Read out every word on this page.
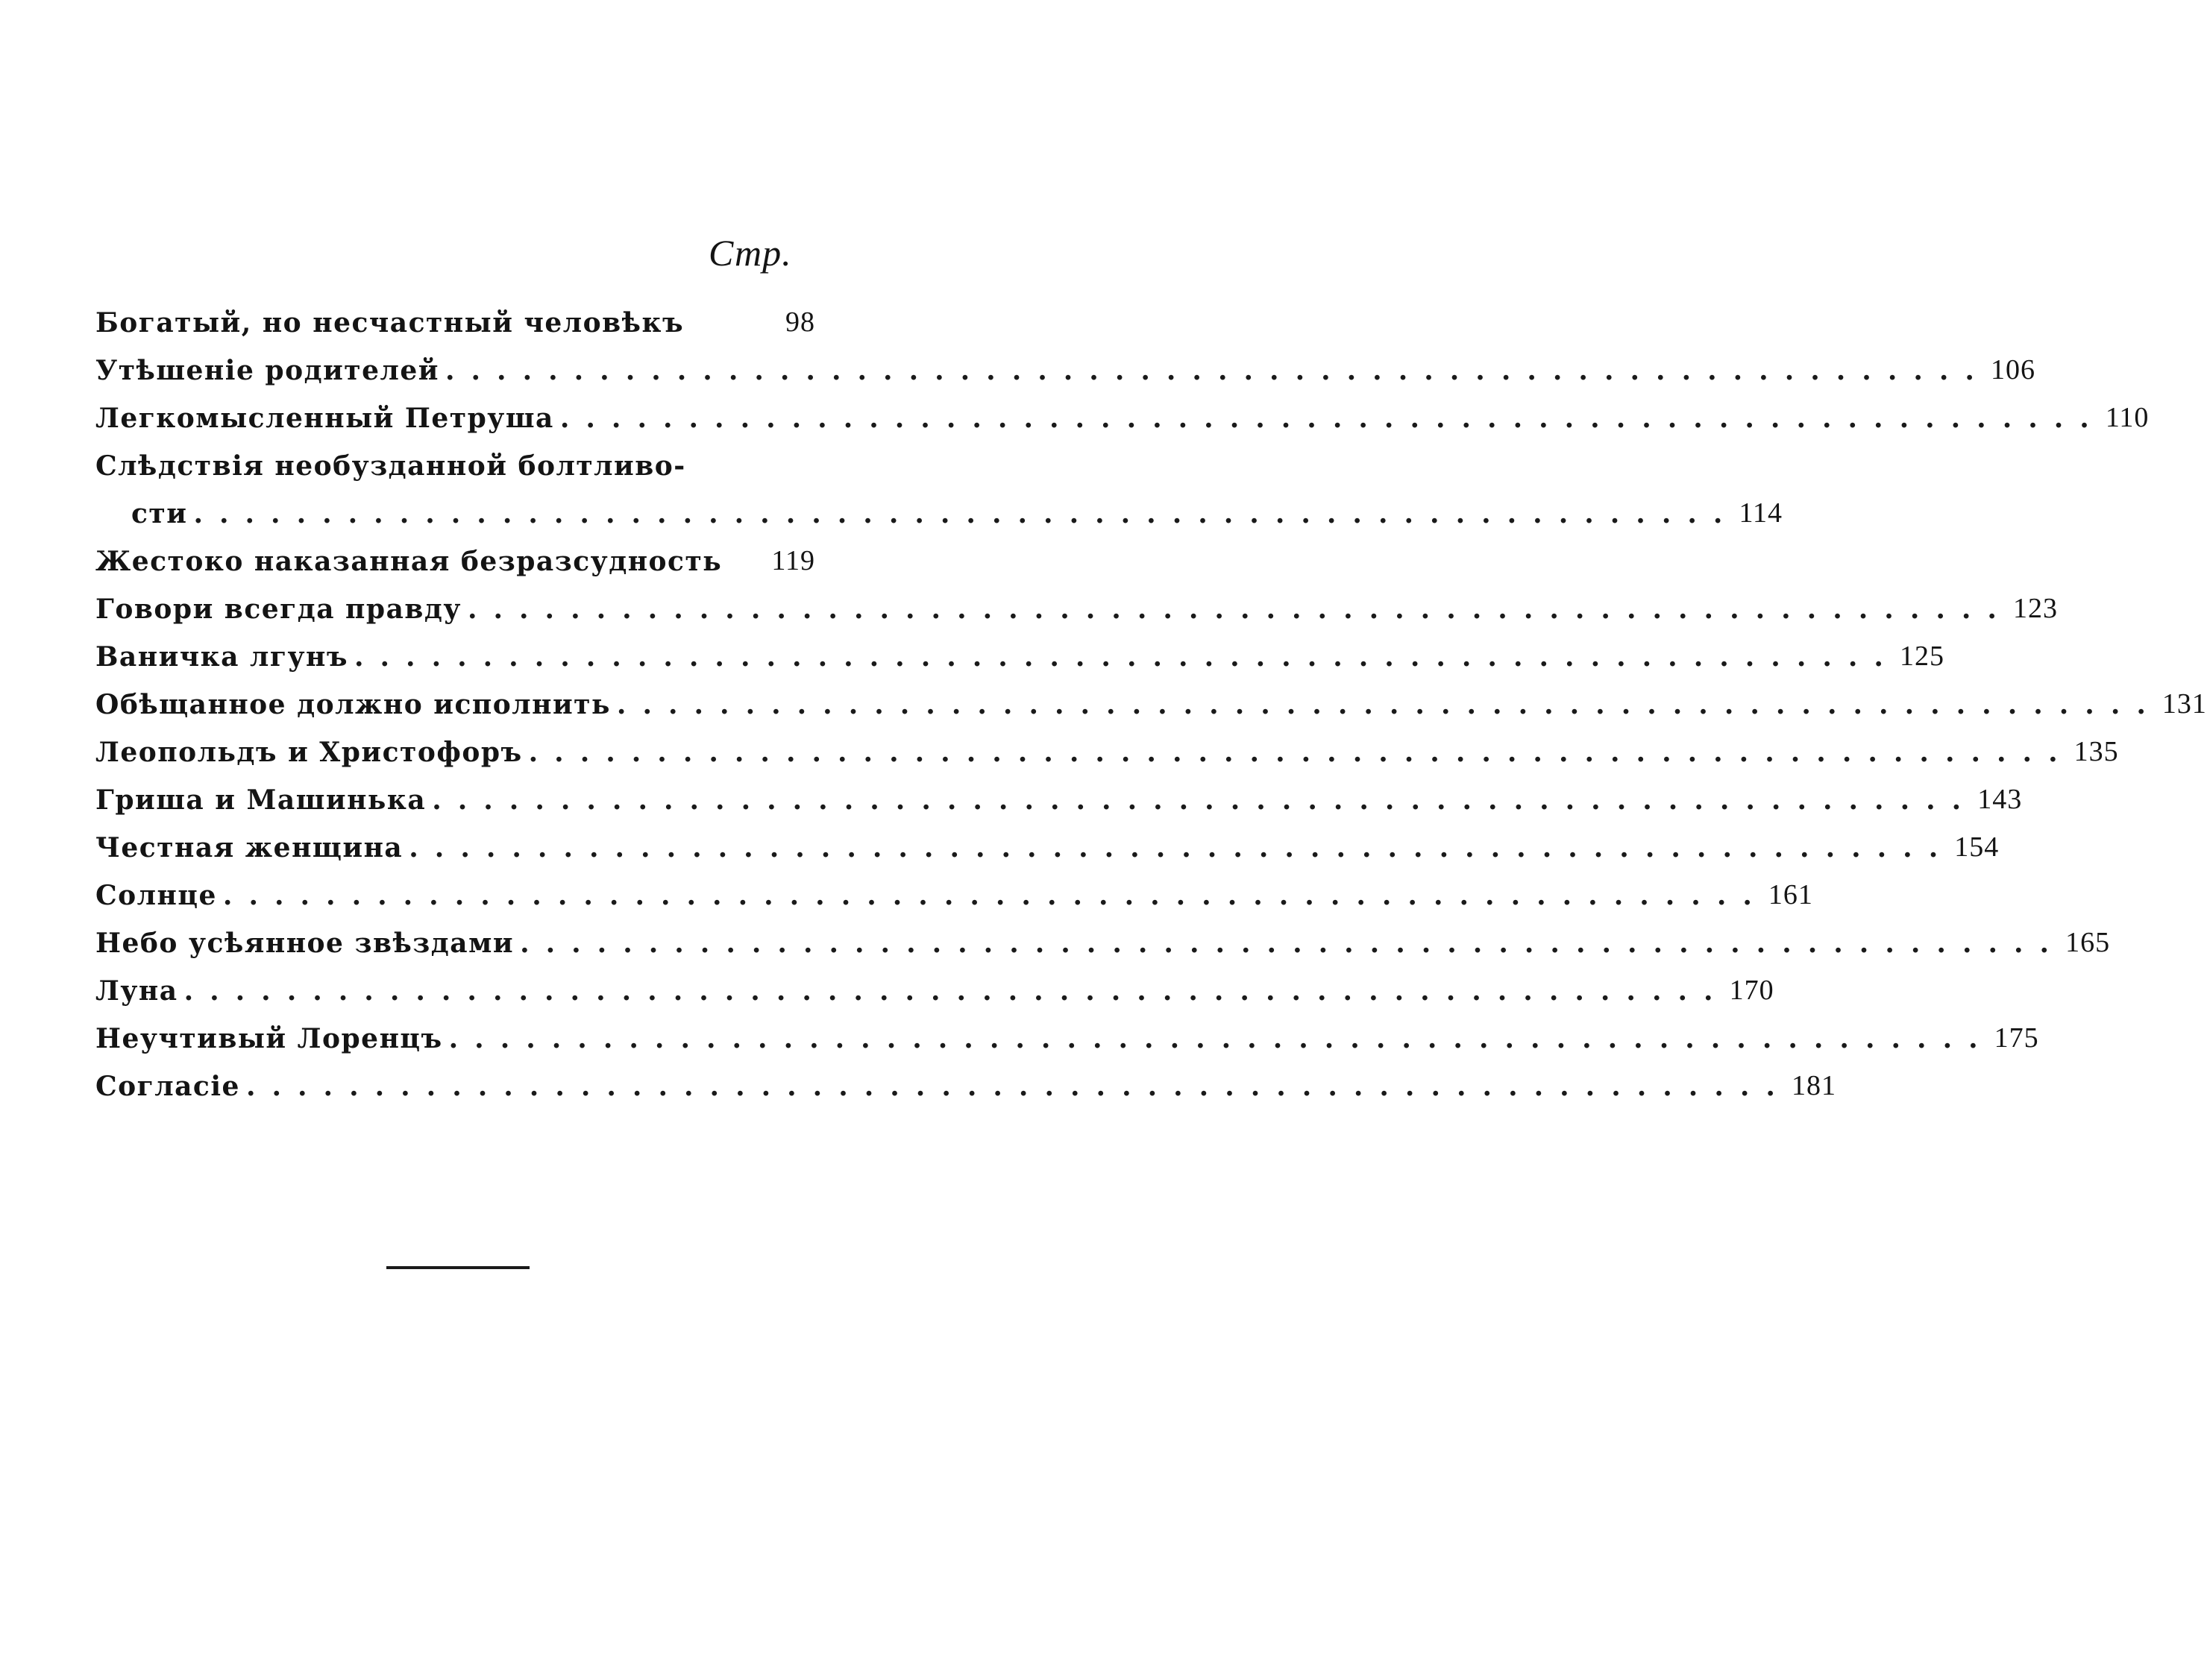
Стр.
Богатый, но несчастный человѣкъ	98
Утѣшеніе родителей ............................................................ 106
Легкомысленный Петруша ............................................................ 110
Слѣдствія необузданной болтливо-
сти ............................................................ 114
Жестоко наказанная безразсудность	119
Говори всегда правду ............................................................ 123
Ваничка лгунъ ............................................................ 125
Обѣщанное должно исполнить ............................................................ 131
Леопольдъ и Христофоръ ............................................................ 135
Гриша и Машинька ............................................................ 143
Честная женщина ............................................................ 154
Солнце ............................................................ 161
Небо усѣянное звѣздами ............................................................ 165
Луна ............................................................ 170
Неучтивый Лоренцъ ............................................................ 175
Согласіе ............................................................ 181
